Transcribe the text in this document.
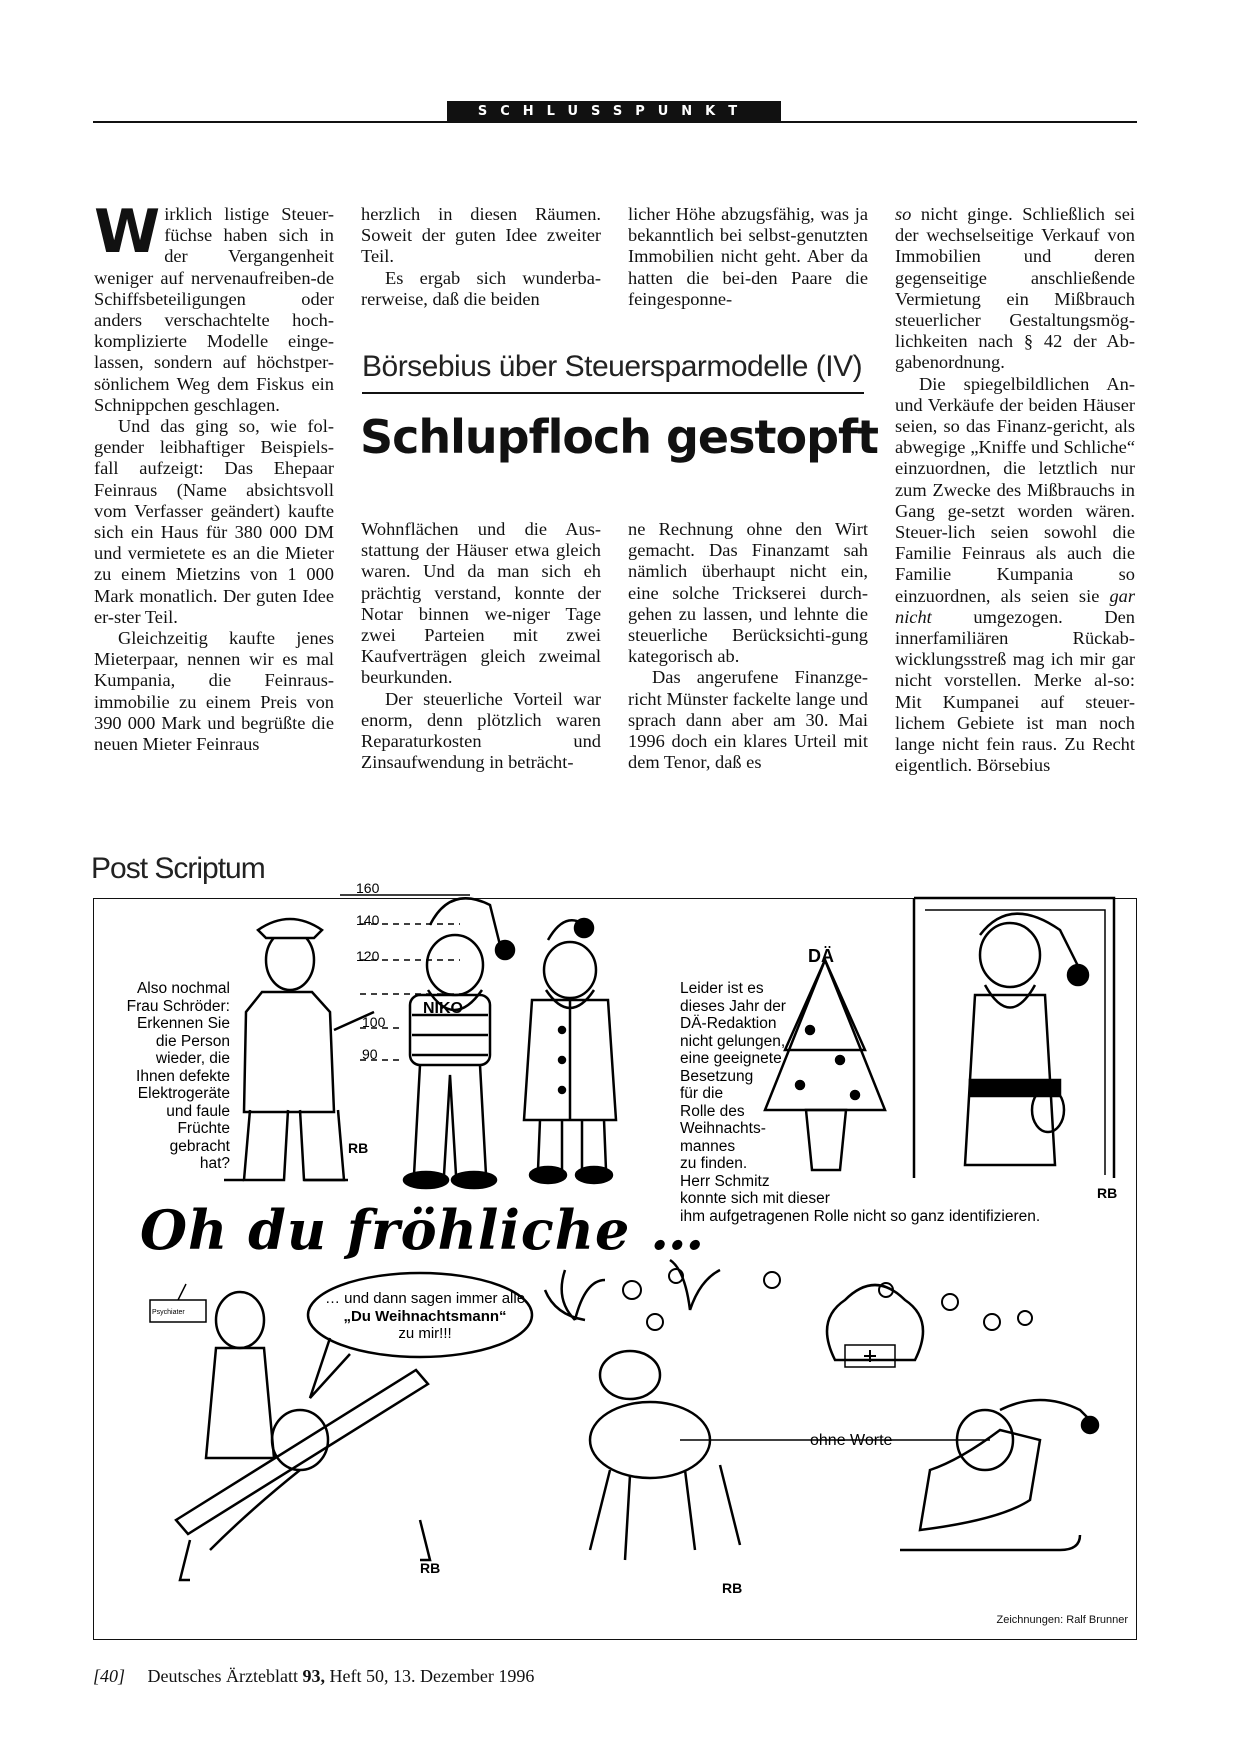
SCHLUSSPUNKT

Wirklich listige Steuer-füchse haben sich in der Vergangenheit weniger auf nervenaufreiben-de Schiffsbeteiligungen oder anders verschachtelte hoch-komplizierte Modelle einge-lassen, sondern auf höchstper-sönlichem Weg dem Fiskus ein Schnippchen geschlagen.

Und das ging so, wie fol-gender leibhaftiger Beispiels-fall aufzeigt: Das Ehepaar Feinraus (Name absichtsvoll vom Verfasser geändert) kaufte sich ein Haus für 380 000 DM und vermietete es an die Mieter zu einem Mietzins von 1 000 Mark monatlich. Der guten Idee er-ster Teil.

Gleichzeitig kaufte jenes Mieterpaar, nennen wir es mal Kumpania, die Feinraus-immobilie zu einem Preis von 390 000 Mark und begrüßte die neuen Mieter Feinraus

herzlich in diesen Räumen. Soweit der guten Idee zweiter Teil.

Es ergab sich wunderba-rerweise, daß die beiden

licher Höhe abzugsfähig, was ja bekanntlich bei selbst-genutzten Immobilien nicht geht. Aber da hatten die bei-den Paare die feingesponne-

Börsebius über Steuersparmodelle (IV)
Schlupfloch gestopft

Wohnflächen und die Aus-stattung der Häuser etwa gleich waren. Und da man sich eh prächtig verstand, konnte der Notar binnen we-niger Tage zwei Parteien mit zwei Kaufverträgen gleich zweimal beurkunden.

Der steuerliche Vorteil war enorm, denn plötzlich waren Reparaturkosten und Zinsaufwendung in beträcht-

ne Rechnung ohne den Wirt gemacht. Das Finanzamt sah nämlich überhaupt nicht ein, eine solche Trickserei durch-gehen zu lassen, und lehnte die steuerliche Berücksichti-gung kategorisch ab.

Das angerufene Finanzge-richt Münster fackelte lange und sprach dann aber am 30. Mai 1996 doch ein klares Urteil mit dem Tenor, daß es

so nicht ginge. Schließlich sei der wechselseitige Verkauf von Immobilien und deren gegenseitige anschließende Vermietung ein Mißbrauch steuerlicher Gestaltungsmög-lichkeiten nach § 42 der Ab-gabenordnung.

Die spiegelbildlichen An- und Verkäufe der beiden Häuser seien, so das Finanz-gericht, als abwegige „Kniffe und Schliche“ einzuordnen, die letztlich nur zum Zwecke des Mißbrauchs in Gang ge-setzt worden wären. Steuer-lich seien sowohl die Familie Feinraus als auch die Familie Kumpania so einzuordnen, als seien sie gar nicht umgezogen. Den innerfamiliären Rückab-wicklungsstreß mag ich mir gar nicht vorstellen. Merke al-so: Mit Kumpanei auf steuer-lichem Gebiete ist man noch lange nicht fein raus. Zu Recht eigentlich. Börsebius

Post Scriptum
Also nochmal
Frau Schröder:
Erkennen Sie
die Person
wieder, die
Ihnen defekte
Elektrogeräte
und faule
Früchte
gebracht
hat?
160
140
120
100
90
NIKO
RB
DÄ
RB
Leider ist es
dieses Jahr der
DÄ-Redaktion
nicht gelungen,
eine geeignete
Besetzung
für die
Rolle des
Weihnachts-
mannes
zu finden.
Herr Schmitz
konnte sich mit dieser
ihm aufgetragenen Rolle nicht so ganz identifizieren.
Oh du fröhliche …
… und dann sagen immer alle
„Du Weihnachtsmann“
zu mir!!!
Psychiater
RB
ohne Worte
RB
Zeichnungen: Ralf Brunner
[40] Deutsches Ärzteblatt 93, Heft 50, 13. Dezember 1996
